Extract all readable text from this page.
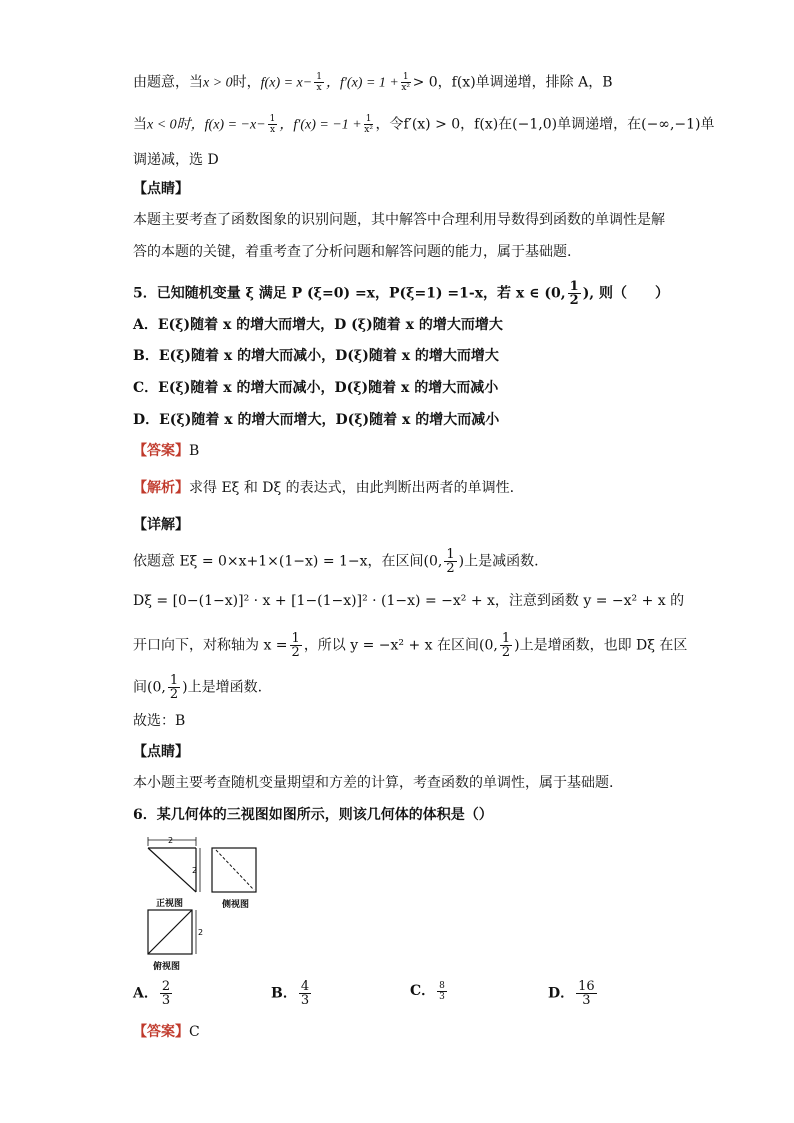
由题意，当x > 0时，$f(x) = x- \frac{1}{x}$ ，$f'(x) = 1 + \frac{1}{\text{x²}} > 0$，f(x)单调递增，排除 A，B
当x < 0时，$f(x) = -x- \frac{1}{x}$ ，$f'(x) = -1 + \frac{1}{\text{x²}}$ ，令f′(x) > 0，f(x)在(−1,0)单调递增，在(−∞,−1)单
调递减，选 D
【点睛】
本题主要考查了函数图象的识别问题，其中解答中合理利用导数得到函数的单调性是解
答的本题的关键，着重考查了分析问题和解答问题的能力，属于基础题.
5．已知随机变量 ξ 满足 P (ξ=0) =x，P(ξ=1) =1-x，若 x ∈ (0, $\frac{1}{2}$ ), 则（　　）
A．E(ξ)随着 x 的增大而增大，D (ξ)随着 x 的增大而增大
B．E(ξ)随着 x 的增大而减小，D(ξ)随着 x 的增大而增大
C．E(ξ)随着 x 的增大而减小，D(ξ)随着 x 的增大而减小
D．E(ξ)随着 x 的增大而增大，D(ξ)随着 x 的增大而减小
【答案】B
【解析】求得 Eξ 和 Dξ 的表达式，由此判断出两者的单调性.
【详解】
依题意 Eξ = 0×x+1×(1−x) = 1−x，在区间(0, $\frac{1}{2}$ )上是减函数.
Dξ = [0−(1−x)]² · x + [1−(1−x)]² · (1−x) = −x² + x，注意到函数 y = −x² + x 的
开口向下，对称轴为 $x = \frac{1}{2}$ ，所以 y = −x² + x 在区间(0, $\frac{1}{2}$ )上是增函数，也即 Dξ 在区
间(0, $\frac{1}{2}$ )上是增函数.
故选：B
【点睛】
本小题主要考查随机变量期望和方差的计算，考查函数的单调性，属于基础题.
6．某几何体的三视图如图所示，则该几何体的体积是（）
2
2
2
正视图	侧视图
俯视图
A． $\frac{2}{3}$	B． $\frac{4}{3}$	C． $\frac{8}{3}$	D． $\frac{16}{3}$
【答案】C
